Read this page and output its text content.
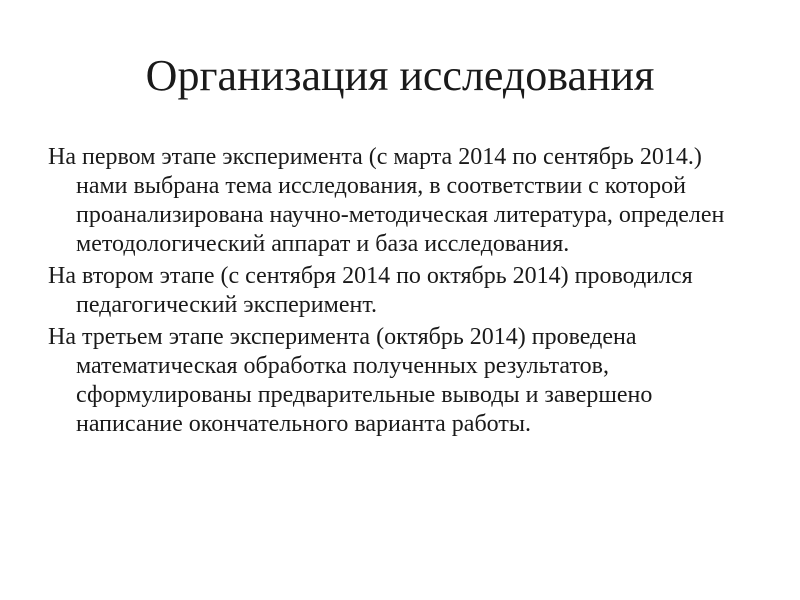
Организация исследования
На первом этапе эксперимента (с марта 2014 по сентябрь 2014.) нами выбрана тема исследования, в соответствии с которой проанализирована научно-методическая литература, определен методологический аппарат и база исследования.
На втором этапе (с сентября 2014 по октябрь 2014) проводился педагогический эксперимент.
На третьем этапе эксперимента (октябрь 2014) проведена математическая обработка полученных результатов, сформулированы предварительные выводы и завершено написание окончательного варианта работы.
